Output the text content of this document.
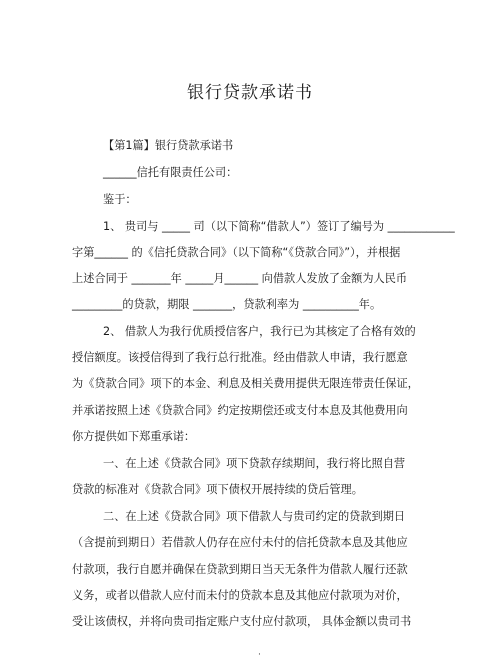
银行贷款承诺书
【第1篇】银行贷款承诺书
______信托有限责任公司：
鉴于：
1、 贵司与 _____ 司（以下简称“借款人”）签订了编号为 ____________
字第______ 的《信托贷款合同》（以下简称“《贷款合同》”），并根据
上述合同于 _______年 _____月______ 向借款人发放了金额为人民币
_________的贷款，期限 _______，贷款利率为 __________年。
2、 借款人为我行优质授信客户，我行已为其核定了合格有效的
授信额度。该授信得到了我行总行批准。经由借款人申请，我行愿意
为《贷款合同》项下的本金、利息及相关费用提供无限连带责任保证，
并承诺按照上述《贷款合同》约定按期偿还或支付本息及其他费用向
你方提供如下郑重承诺：
一、在上述《贷款合同》项下贷款存续期间，我行将比照自营
贷款的标准对《贷款合同》项下债权开展持续的贷后管理。
二、在上述《贷款合同》项下借款人与贵司约定的贷款到期日
（含提前到期日）若借款人仍存在应付未付的信托贷款本息及其他应
付款项，我行自愿并确保在贷款到期日当天无条件为借款人履行还款
义务，或者以借款人应付而未付的贷款本息及其他应付款项为对价，
受让该债权，并将向贵司指定账户支付应付款项， 具体金额以贵司书
·
